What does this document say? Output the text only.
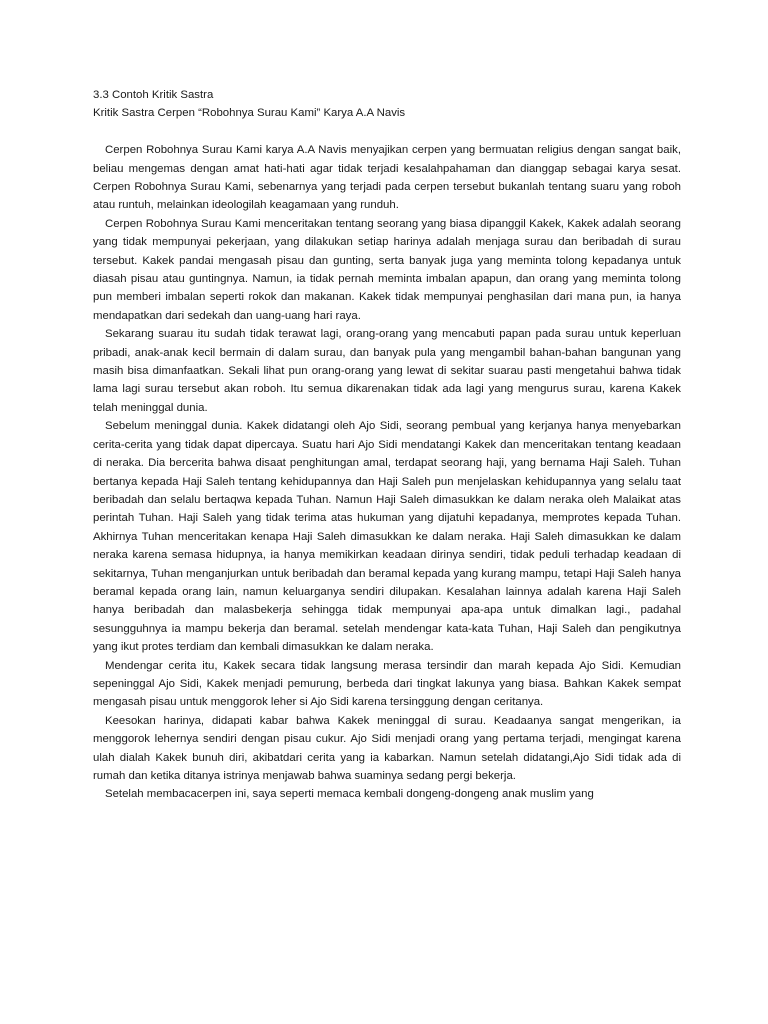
3.3 Contoh Kritik Sastra

Kritik Sastra Cerpen “Robohnya Surau Kami” Karya A.A Navis

Cerpen Robohnya Surau Kami karya A.A Navis menyajikan cerpen yang bermuatan religius dengan sangat baik, beliau mengemas dengan amat hati-hati agar tidak terjadi kesalahpahaman dan dianggap sebagai karya sesat. Cerpen Robohnya Surau Kami, sebenarnya yang terjadi pada cerpen tersebut bukanlah tentang suaru yang roboh atau runtuh, melainkan ideologilah keagamaan yang runduh.

Cerpen Robohnya Surau Kami menceritakan tentang seorang yang biasa dipanggil Kakek, Kakek adalah seorang yang tidak mempunyai pekerjaan, yang dilakukan setiap harinya adalah menjaga surau dan beribadah di surau tersebut. Kakek pandai mengasah pisau dan gunting, serta banyak juga yang meminta tolong kepadanya untuk diasah pisau atau guntingnya. Namun, ia tidak pernah meminta imbalan apapun, dan orang yang meminta tolong pun memberi imbalan seperti rokok dan makanan. Kakek tidak mempunyai penghasilan dari mana pun, ia hanya mendapatkan dari sedekah dan uang-uang hari raya.

Sekarang suarau itu sudah tidak terawat lagi, orang-orang yang mencabuti papan pada surau untuk keperluan pribadi, anak-anak kecil bermain di dalam surau, dan banyak pula yang mengambil bahan-bahan bangunan yang masih bisa dimanfaatkan. Sekali lihat pun orang-orang yang lewat di sekitar suarau pasti mengetahui bahwa tidak lama lagi surau tersebut akan roboh. Itu semua dikarenakan tidak ada lagi yang mengurus surau, karena Kakek telah meninggal dunia.

Sebelum meninggal dunia. Kakek didatangi oleh Ajo Sidi, seorang pembual yang kerjanya hanya menyebarkan cerita-cerita yang tidak dapat dipercaya. Suatu hari Ajo Sidi mendatangi Kakek dan menceritakan tentang keadaan di neraka. Dia bercerita bahwa disaat penghitungan amal, terdapat seorang haji, yang bernama Haji Saleh. Tuhan bertanya kepada Haji Saleh tentang kehidupannya dan Haji Saleh pun menjelaskan kehidupannya yang selalu taat beribadah dan selalu bertaqwa kepada Tuhan. Namun Haji Saleh dimasukkan ke dalam neraka oleh Malaikat atas perintah Tuhan. Haji Saleh yang tidak terima atas hukuman yang dijatuhi kepadanya, memprotes kepada Tuhan. Akhirnya Tuhan menceritakan kenapa Haji Saleh dimasukkan ke dalam neraka. Haji Saleh dimasukkan ke dalam neraka karena semasa hidupnya, ia hanya memikirkan keadaan dirinya sendiri, tidak peduli terhadap keadaan di sekitarnya, Tuhan menganjurkan untuk beribadah dan beramal kepada yang kurang mampu, tetapi Haji Saleh hanya beramal kepada orang lain, namun keluarganya sendiri dilupakan. Kesalahan lainnya adalah karena Haji Saleh hanya beribadah dan malasbekerja sehingga tidak mempunyai apa-apa untuk dimalkan lagi., padahal sesungguhnya ia mampu bekerja dan beramal. setelah mendengar kata-kata Tuhan, Haji Saleh dan pengikutnya yang ikut protes terdiam dan kembali dimasukkan ke dalam neraka.

Mendengar cerita itu, Kakek secara tidak langsung merasa tersindir dan marah kepada Ajo Sidi. Kemudian sepeninggal Ajo Sidi, Kakek menjadi pemurung, berbeda dari tingkat lakunya yang biasa. Bahkan Kakek sempat mengasah pisau untuk menggorok leher si Ajo Sidi karena tersinggung dengan ceritanya.

Keesokan harinya, didapati kabar bahwa Kakek meninggal di surau. Keadaanya sangat mengerikan, ia menggorok lehernya sendiri dengan pisau cukur. Ajo Sidi menjadi orang yang pertama terjadi, mengingat karena ulah dialah Kakek bunuh diri, akibatdari cerita yang ia kabarkan. Namun setelah didatangi,Ajo Sidi tidak ada di rumah dan ketika ditanya istrinya menjawab bahwa suaminya sedang pergi bekerja.

Setelah membacacerpen ini, saya seperti memaca kembali dongeng-dongeng anak muslim yang
